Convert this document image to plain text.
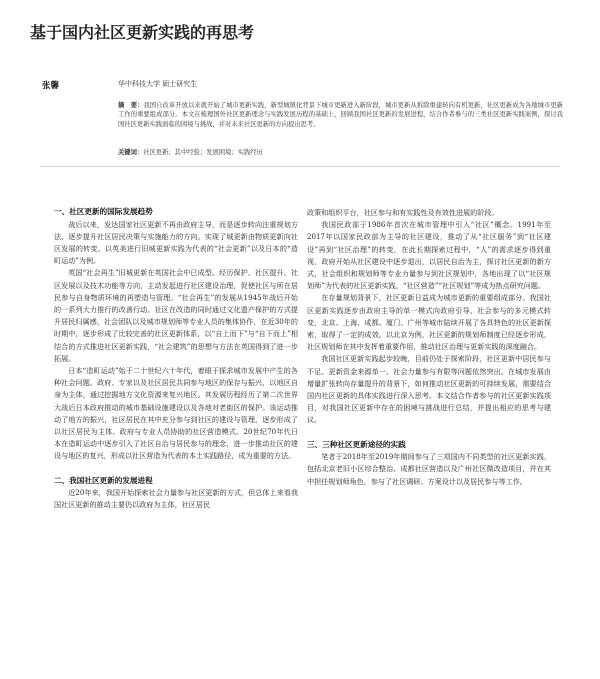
基于国内社区更新实践的再思考
张馨	华中科技大学 硕士研究生
摘　要：我国自改革开放以来就开始了城市更新实践，新型城镇化背景下城市更新进入新阶段，城市更新从拆除重建转向有机更新，社区更新成为各地城市更新工作的重要组成部分。本文在梳理国外社区更新理念与实践发展历程的基础上，回顾我国社区更新的发展进程，结合作者参与的三类社区更新实践案例，探讨我国社区更新实践面临的困境与挑战，并对未来社区更新的方向提出思考。
关键词：社区更新；其中经验；发展困境；实践经历

一、社区更新的国际发展趋势

战后以来，发达国家社区更新不再由政府主导，而是逐步转向注重规划方法、逐步提升社区居民决策与实施能力的方向。实现了城更新由物质更新向社区发展的转变。以英美进行旧城更新实践为代表的“社会更新”以及日本的“造町运动”为例。

英国“社会再生”旧城更新在英国社会中已成型。经历保护、社区提升、社区发展以及技术功能等方向，主动发起进行社区建设治理，促使社区与所在居民参与自身物质环境的再塑造与管理。“社会再生”的发展从1945年战后开始的一系列大力推行的改善行动。社区在改造的同时通过文化遗产保护的方式提升居民归属感，社会团队以及城市规划师等专业人员的集体协作，在近30年的时期中，逐步形成了比较完善的社区更新体系，以“自上而下”与“自下而上”相结合的方式推进社区更新实践，“社会建筑”的思想与方法在英国得到了进一步拓展。

日本“造町运动”始于二十世纪六十年代，着眼于探求城市发展中产生的各种社会问题。政府、专家以及社区居民共同参与地区的保存与振兴，以地区自身为主体，通过挖掘地方文化资源来复兴地区。其发展历程经历了第二次世界大战后日本政府推动的城市基础设施建设以及各地对老街区的保护。该运动推动了地方的振兴，社区居民在其中充分参与到社区的建设与管理，逐步形成了以社区居民为主体、政府与专业人员协助的社区营造模式。20世纪70年代日本在造町运动中逐步引入了社区自治与居民参与的理念，进一步推动社区的建设与地区的复兴，形成以社区营造为代表的本土实践路径，成为重要的方法。

二、我国社区更新的发展进程

近20年来，我国开始探索社会力量参与社区更新的方式，但总体上来看我国社区更新的推动主要仍以政府为主体，社区居民

政策和组织平台，社区参与和有实践性及有效性进展的阶段。

我国民政部于1986年首次在城市管理中引入“社区”概念。1991年至2017年以国家民政部为主导的社区建设，推动了从“社区服务”到“社区建设”再到“社区治理”的转变，在此长期探索过程中，“人”的需求逐步得到重视，政府开始从社区建设中逐步退出，以居民自治为主，探讨社区更新的新方式，社会组织和规划师等专业力量参与到社区规划中，各地出现了以“社区规划师”为代表的社区更新实践，“社区营造”“社区规划”等成为热点研究问题。

在存量规划背景下，社区更新日益成为城市更新的重要组成部分。我国社区更新实践逐步由政府主导的单一模式向政府引导、社会参与的多元模式转变，北京、上海、成都、厦门、广州等城市陆续开展了各具特色的社区更新探索，取得了一定的成效。以北京为例，社区更新的规划师制度已经逐步形成，社区规划师在其中发挥着重要作用，推动社区治理与更新实践的深度融合。

我国社区更新实践起步较晚，目前仍处于探索阶段，社区更新中居民参与不足、更新资金来源单一、社会力量参与有限等问题依然突出。在城市发展由增量扩张转向存量提升的背景下，如何推动社区更新的可持续发展，需要结合国内社区更新的具体实践进行深入思考。本文结合作者参与的社区更新实践项目，对我国社区更新中存在的困境与挑战进行总结，并提出相应的思考与建议。

三、三种社区更新途径的实践

笔者于2018年至2019年期间参与了三项国内不同类型的社区更新实践，包括北京老旧小区综合整治、成都社区营造以及广州社区微改造项目，并在其中担任规划师角色，参与了社区调研、方案设计以及居民参与等工作。
